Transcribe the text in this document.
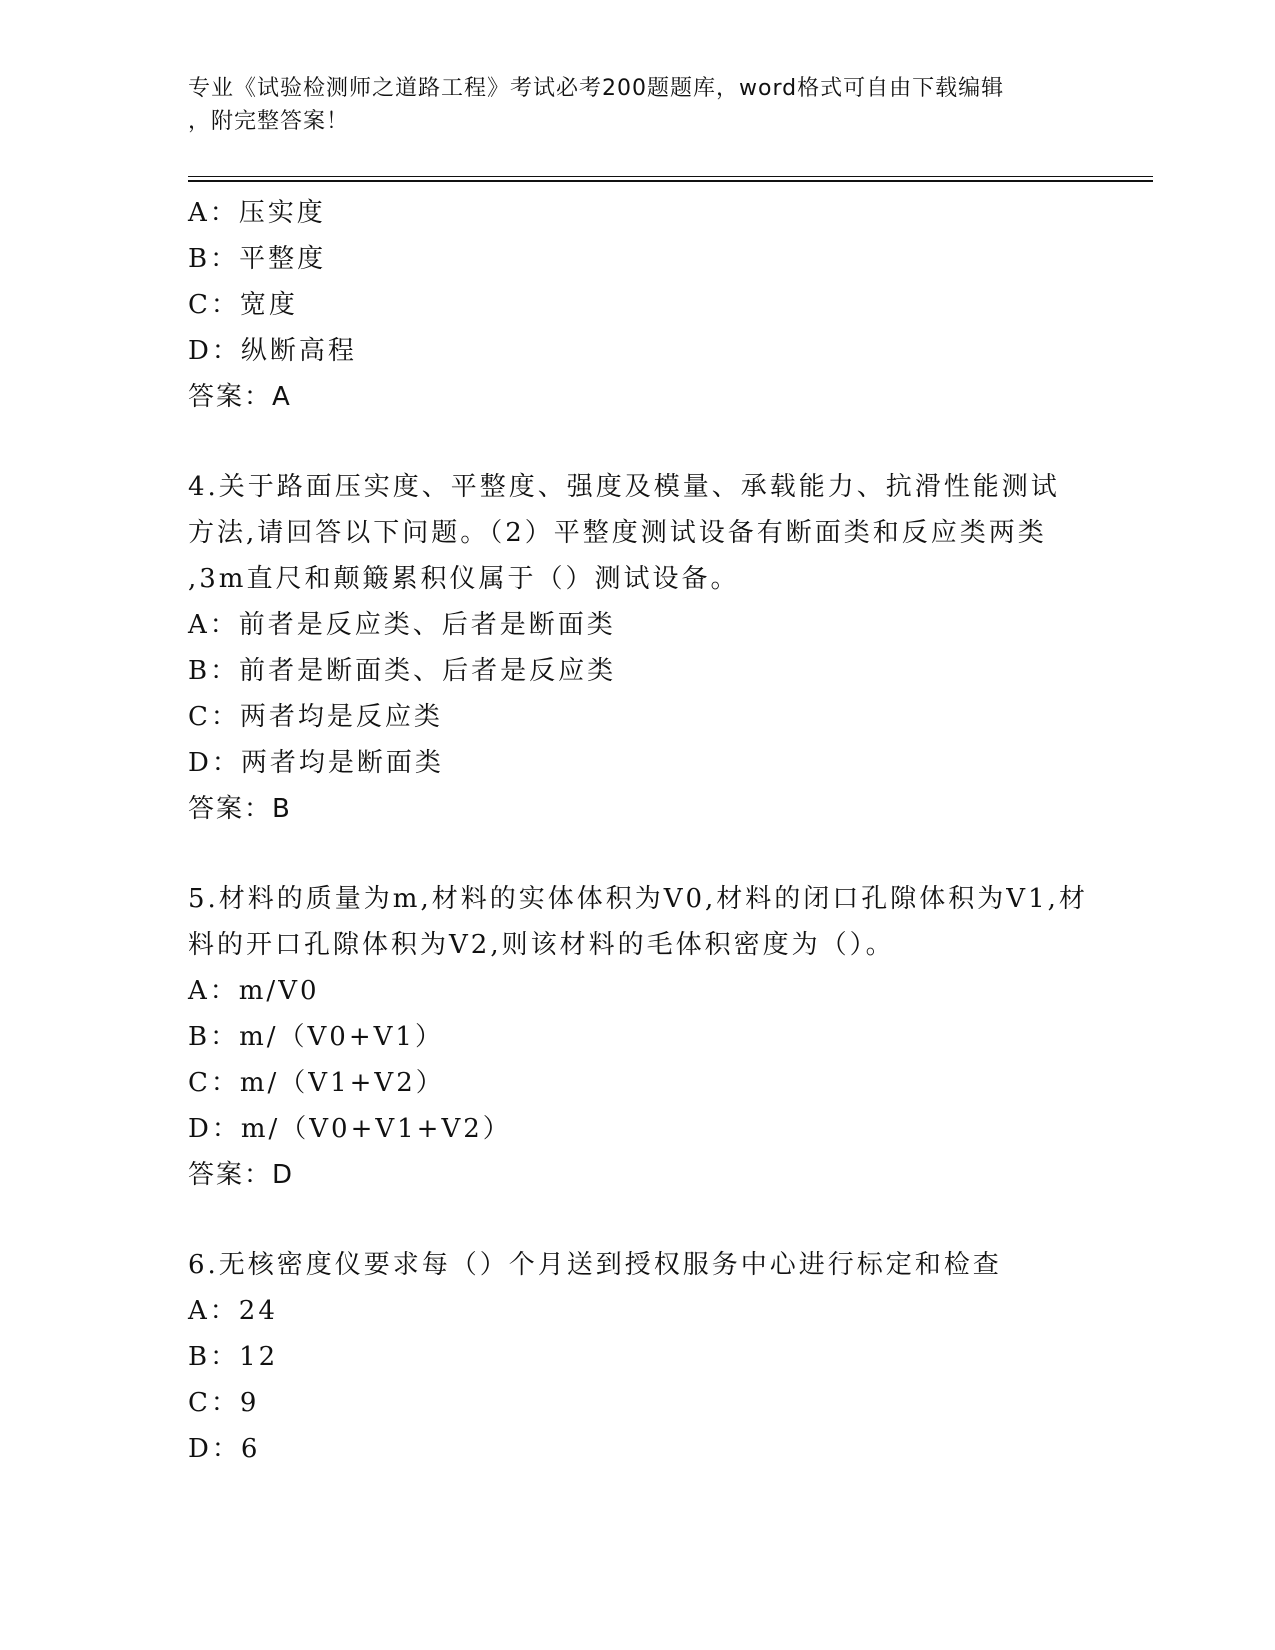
专业《试验检测师之道路工程》考试必考200题题库，word格式可自由下载编辑
，附完整答案！
A：压实度
B：平整度
C：宽度
D：纵断高程
答案：A
4.关于路面压实度、平整度、强度及模量、承载能力、抗滑性能测试
方法,请回答以下问题。（2）平整度测试设备有断面类和反应类两类
,3m直尺和颠簸累积仪属于（）测试设备。
A：前者是反应类、后者是断面类
B：前者是断面类、后者是反应类
C：两者均是反应类
D：两者均是断面类
答案：B
5.材料的质量为m,材料的实体体积为V0,材料的闭口孔隙体积为V1,材
料的开口孔隙体积为V2,则该材料的毛体积密度为（）。
A：m/V0
B：m/（V0+V1）
C：m/（V1+V2）
D：m/（V0+V1+V2）
答案：D
6.无核密度仪要求每（）个月送到授权服务中心进行标定和检查
A：24
B：12
C：9
D：6
